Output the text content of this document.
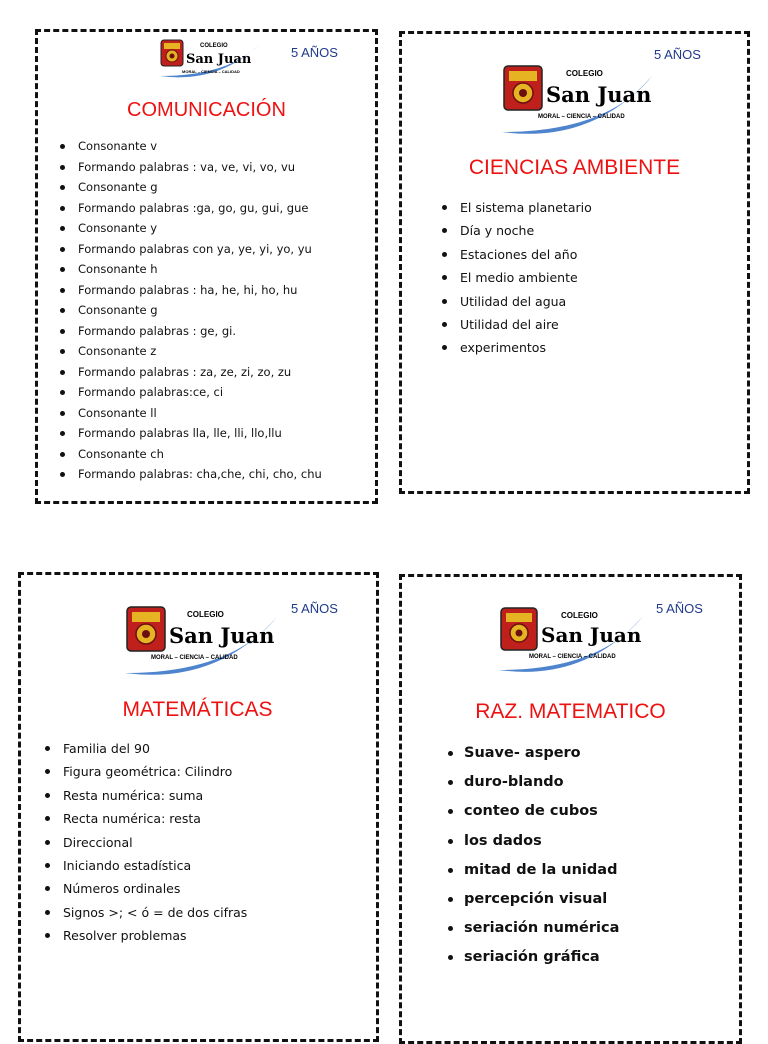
COLEGIO
San Juan
MORAL – CIENCIA – CALIDAD
5 AÑOS
COMUNICACIÓN
Consonante v
Formando palabras : va, ve, vi, vo, vu
Consonante g
Formando palabras :ga, go, gu, gui, gue
Consonante y
Formando palabras con ya, ye, yi, yo, yu
Consonante h
Formando palabras : ha, he, hi, ho, hu
Consonante g
Formando palabras : ge, gi.
Consonante z
Formando palabras : za, ze, zi, zo, zu
Formando palabras:ce, ci
Consonante ll
Formando palabras lla, lle, lli, llo,llu
Consonante ch
Formando palabras: cha,che, chi, cho, chu
COLEGIO
San Juan
MORAL – CIENCIA – CALIDAD
5 AÑOS
CIENCIAS AMBIENTE
El sistema planetario
Día y noche
Estaciones del año
El medio ambiente
Utilidad del agua
Utilidad del aire
experimentos
COLEGIO
San Juan
MORAL – CIENCIA – CALIDAD
5 AÑOS
MATEMÁTICAS
Familia del 90
Figura geométrica: Cilindro
Resta numérica: suma
Recta numérica: resta
Direccional
Iniciando estadística
Números ordinales
Signos >; < ó = de dos cifras
Resolver problemas
COLEGIO
San Juan
MORAL – CIENCIA – CALIDAD
5 AÑOS
RAZ. MATEMATICO
Suave- aspero
duro-blando
conteo de cubos
los dados
mitad de la unidad
percepción visual
seriación numérica
seriación gráfica
